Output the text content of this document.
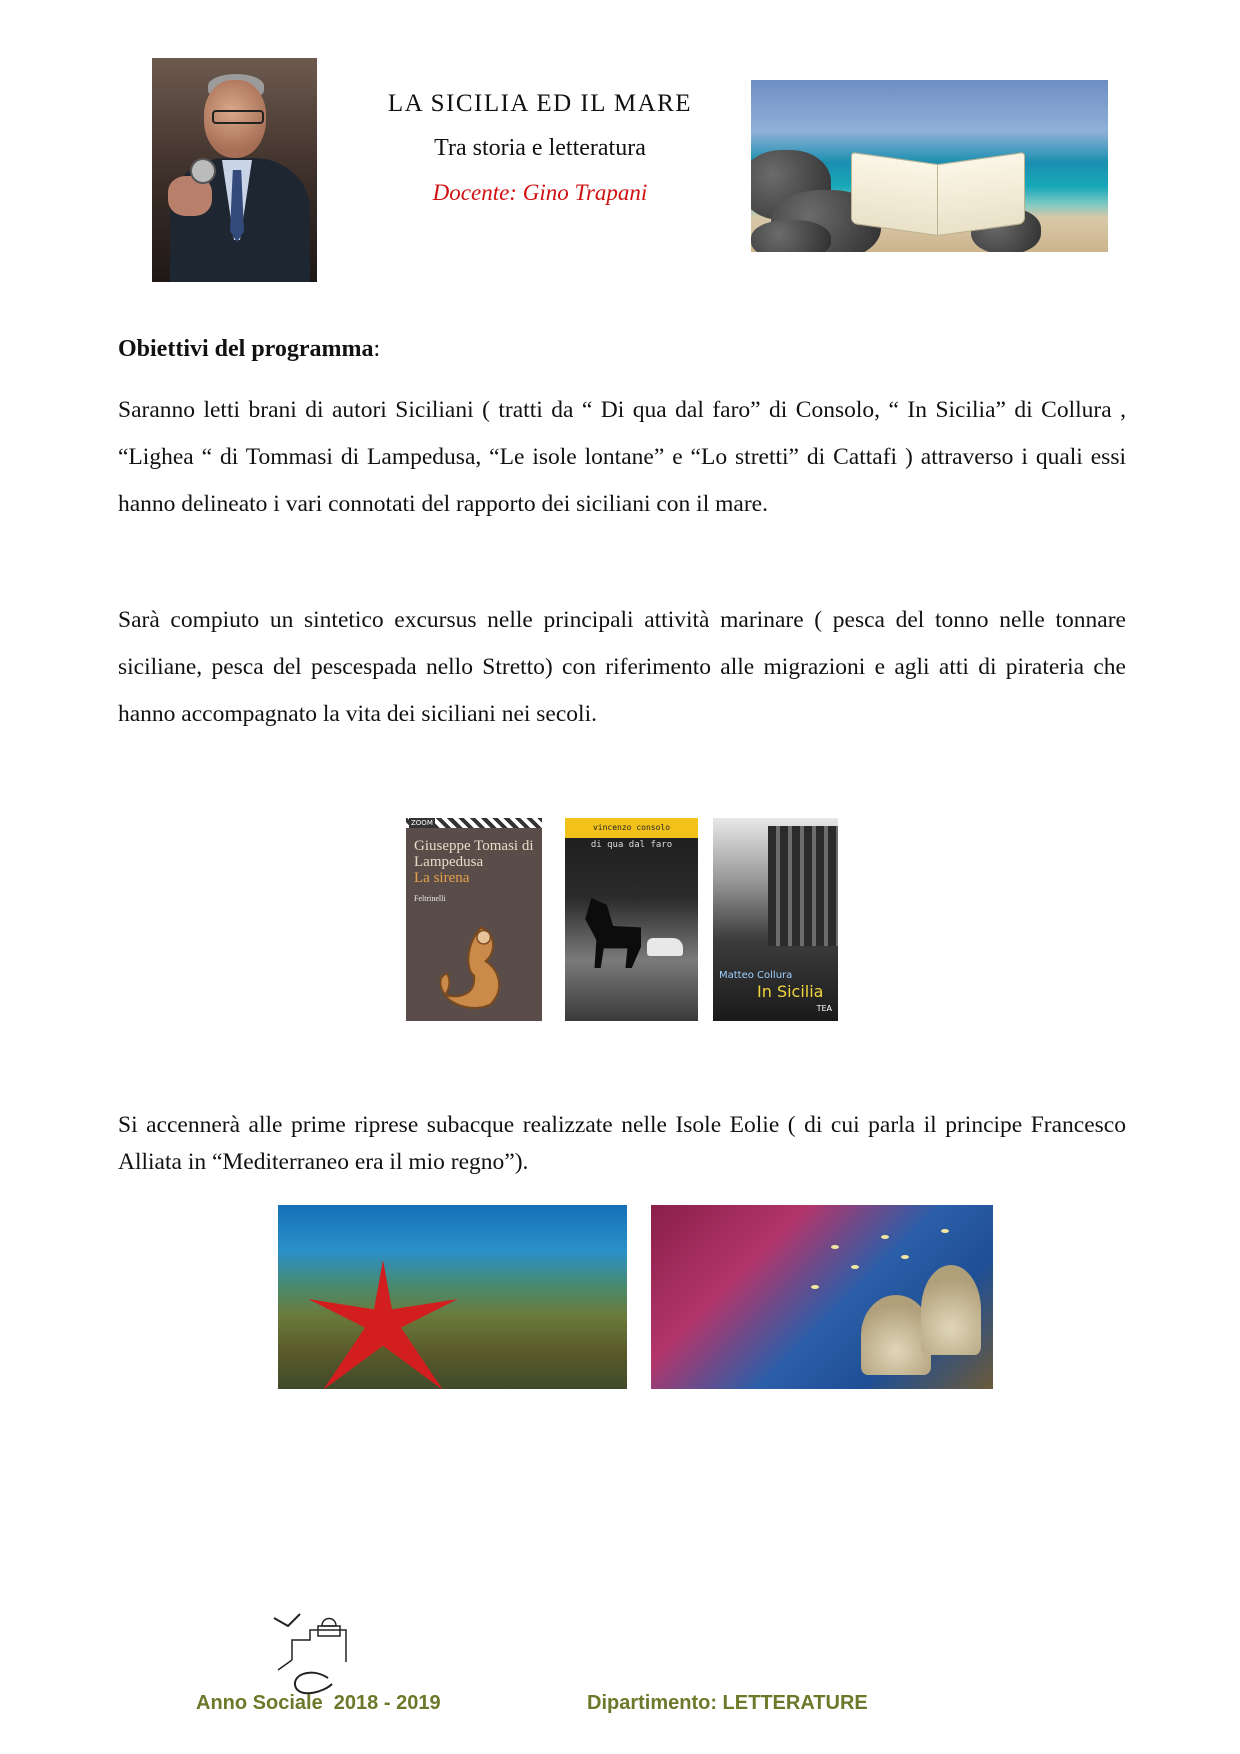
LA SICILIA ED IL MARE

Tra storia e letteratura

Docente: Gino Trapani

Obiettivi del programma:

Saranno letti brani di autori Siciliani ( tratti da “ Di qua dal faro” di Consolo, “ In Sicilia” di Collura , “Lighea “ di Tommasi di Lampedusa, “Le isole lontane” e “Lo stretti” di Cattafi ) attraverso i quali essi hanno delineato i vari connotati del rapporto dei siciliani con il mare.

Sarà compiuto un sintetico excursus nelle principali attività marinare ( pesca del tonno nelle tonnare siciliane, pesca del pescespada nello Stretto) con riferimento alle migrazioni e agli atti di pirateria che hanno accompagnato la vita dei siciliani nei secoli.

ZOOM
Giuseppe Tomasi di Lampedusa
La sirena
Feltrinelli
vincenzo consolo
di qua dal faro
Matteo Collura
In Sicilia
TEA

Si accennerà alle prime riprese subacque realizzate nelle Isole Eolie ( di cui parla il principe Francesco Alliata in “Mediterraneo era il mio regno”).

Anno Sociale  2018 - 2019	Dipartimento: LETTERATURE
